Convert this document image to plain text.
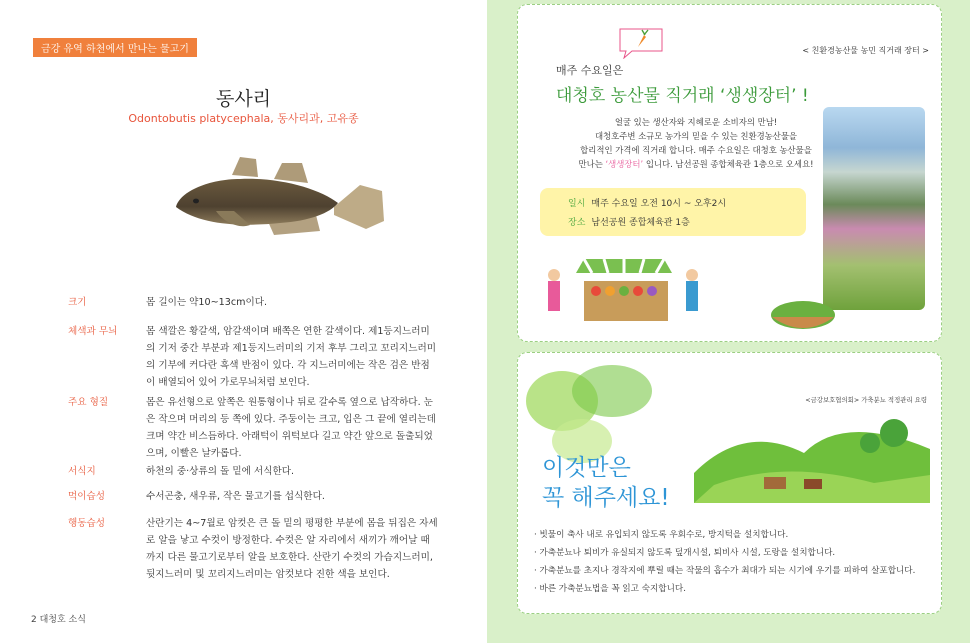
금강 유역 하천에서 만나는 물고기
동사리
Odontobutis platycephala, 동사리과, 고유종
크기	몸 길이는 약10~13cm이다.
체색과 무늬	몸 색깔은 황갈색, 암갈색이며 배쪽은 연한 갈색이다. 제1등지느러미의 기저 중간 부분과 제1등지느러미의 기저 후부 그리고 꼬리지느러미의 기부에 커다란 흑색 반점이 있다. 각 지느러미에는 작은 검은 반점이 배열되어 있어 가로무늬처럼 보인다.
주요 형질	몸은 유선형으로 앞쪽은 원통형이나 뒤로 갈수록 옆으로 납작하다. 눈은 작으며 머리의 등 쪽에 있다. 주둥이는 크고, 입은 그 끝에 열리는데 크며 약간 비스듬하다. 아래턱이 위턱보다 길고 약간 앞으로 돌출되었으며, 이빨은 날카롭다.
서식지	하천의 중·상류의 돌 밑에 서식한다.
먹이습성	수서곤충, 새우류, 작은 물고기를 섭식한다.
행동습성	산란기는 4~7월로 암컷은 큰 돌 밑의 평평한 부분에 몸을 뒤집은 자세로 알을 낳고 수컷이 방정한다. 수컷은 알 자리에서 새끼가 깨어날 때까지 다른 물고기로부터 알을 보호한다. 산란기 수컷의 가슴지느러미, 뒷지느러미 및 꼬리지느러미는 암컷보다 진한 색을 보인다.
2 대청호 소식
< 친환경농산물 농민 직거래 장터 >
매주 수요일은
대청호 농산물 직거래 ‘생생장터’ !
얼굴 있는 생산자와 지혜로운 소비자의 만남!
대청호주변 소규모 농가의 믿을 수 있는 친환경농산물을
합리적인 가격에 직거래 합니다. 매주 수요일은 대청호 농산물을
만나는 ‘생생장터’ 입니다. 남선공원 종합체육관 1층으로 오세요!
일시 매주 수요일 오전 10시 ~ 오후2시
장소 남선공원 종합체육관 1층
<금강보호협의회> 가축분뇨 적정관리 요령
이것만은
꼭 해주세요!
· 빗물이 축사 내로 유입되지 않도록 우회수로, 방지턱을 설치합니다.
· 가축분뇨나 퇴비가 유실되지 않도록 덮개시설, 퇴비사 시설, 도랑을 설치합니다.
· 가축분뇨를 초지나 경작지에 뿌릴 때는 작물의 흡수가 최대가 되는 시기에 우기를 피하여 살포합니다.
· 바른 가축분뇨법을 꼭 읽고 숙지합니다.
